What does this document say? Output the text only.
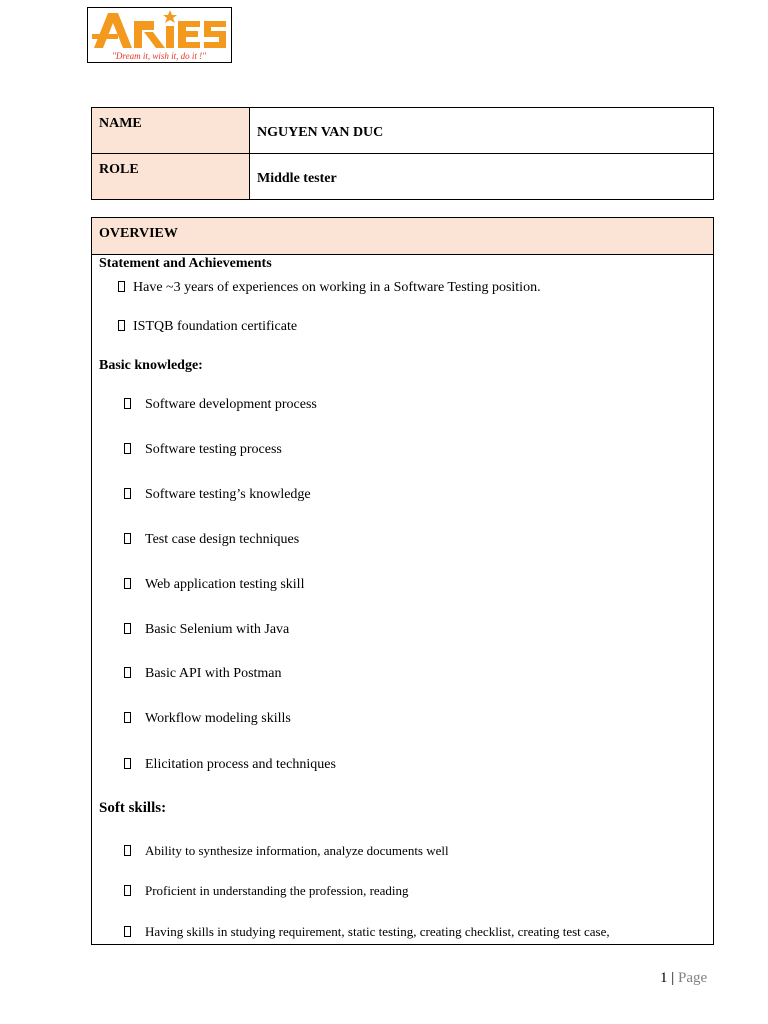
"Dream it, wish it, do it !"
NAME	NGUYEN VAN DUC
ROLE	Middle tester
OVERVIEW
Statement and Achievements
Have ~3 years of experiences on working in a Software Testing position.
ISTQB foundation certificate
Basic knowledge:
Software development process
Software testing process
Software testing’s knowledge
Test case design techniques
Web application testing skill
Basic Selenium with Java
Basic API with Postman
Workflow modeling skills
Elicitation process and techniques
Soft skills:
Ability to synthesize information, analyze documents well
Proficient in understanding the profession, reading
Having skills in studying requirement, static testing, creating checklist, creating test case,
1 | Page
